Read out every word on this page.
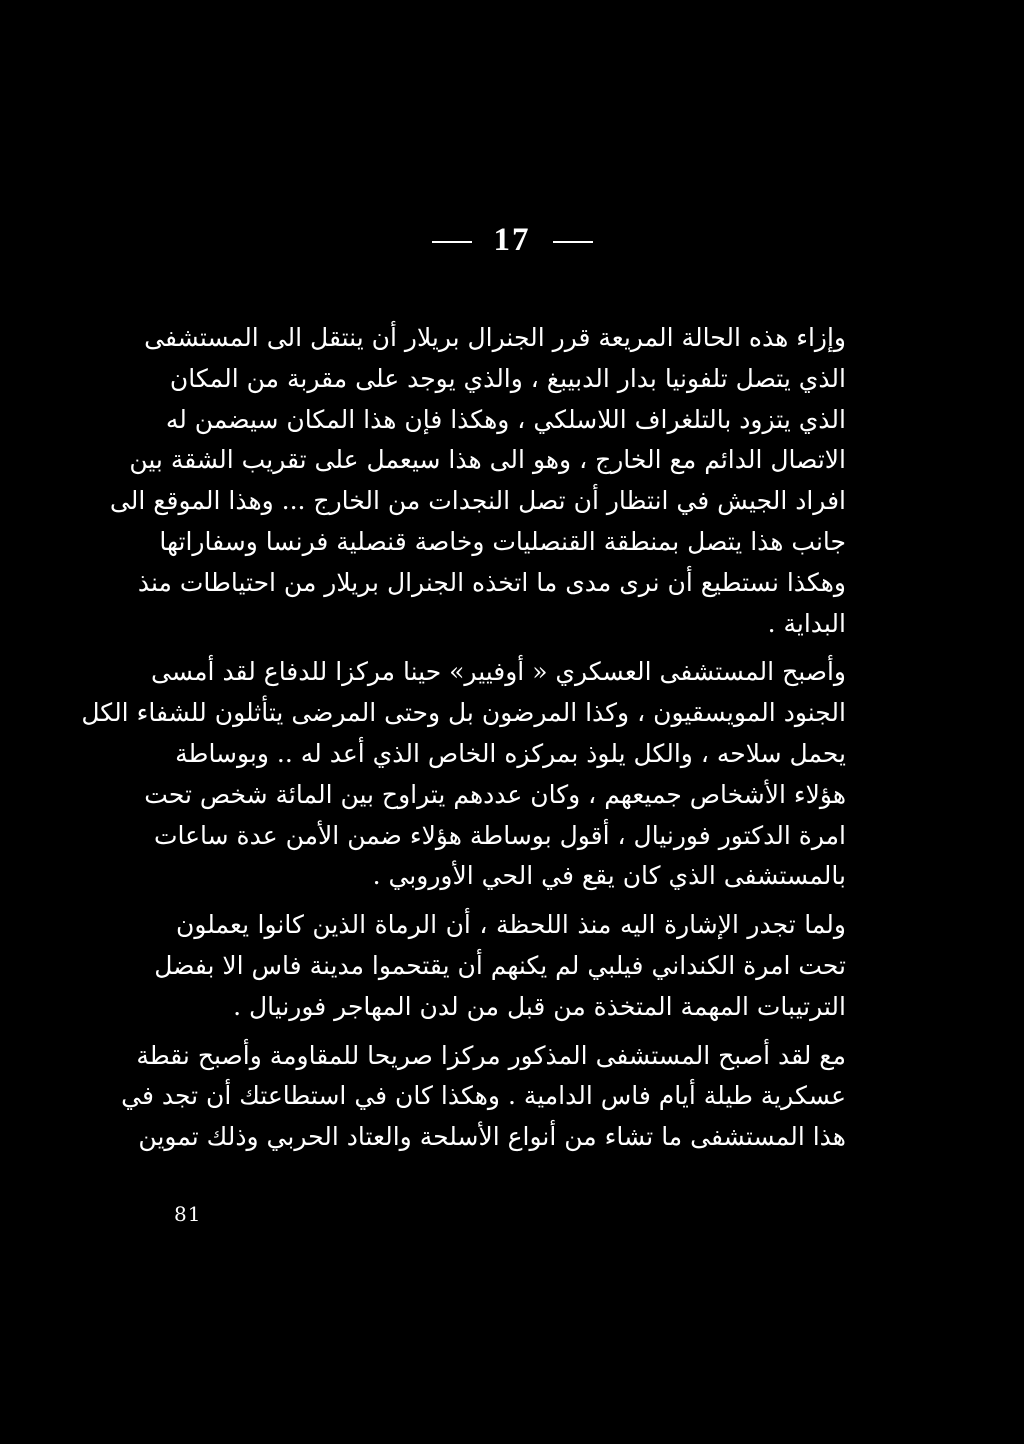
17
وإزاء هذه الحالة المريعة قرر الجنرال بريلار أن ينتقل الى المستشفى
الذي يتصل تلفونيا بدار الدبيبغ ، والذي يوجد على مقربة من المكان
الذي يتزود بالتلغراف اللاسلكي ، وهكذا فإن هذا المكان سيضمن له
الاتصال الدائم مع الخارج ، وهو الى هذا سيعمل على تقريب الشقة بين
افراد الجيش في انتظار أن تصل النجدات من الخارج ... وهذا الموقع الى
جانب هذا يتصل بمنطقة القنصليات وخاصة قنصلية فرنسا وسفاراتها
وهكذا نستطيع أن نرى مدى ما اتخذه الجنرال بريلار من احتياطات منذ
البداية .
وأصبح المستشفى العسكري « أوفيير» حينا مركزا للدفاع لقد أمسى
الجنود المويسقيون ، وكذا المرضون بل وحتى المرضى يتأثلون للشفاء الكل
يحمل سلاحه ، والكل يلوذ بمركزه الخاص الذي أعد له .. وبوساطة
هؤلاء الأشخاص جميعهم ، وكان عددهم يتراوح بين المائة شخص تحت
امرة الدكتور فورنيال ، أقول بوساطة هؤلاء ضمن الأمن عدة ساعات
بالمستشفى الذي كان يقع في الحي الأوروبي .
ولما تجدر الإشارة اليه منذ اللحظة ، أن الرماة الذين كانوا يعملون
تحت امرة الكنداني فيلبي لم يكنهم أن يقتحموا مدينة فاس الا بفضل
الترتيبات المهمة المتخذة من قبل من لدن المهاجر فورنيال .
مع لقد أصبح المستشفى المذكور مركزا صريحا للمقاومة وأصبح نقطة
عسكرية طيلة أيام فاس الدامية . وهكذا كان في استطاعتك أن تجد في
هذا المستشفى ما تشاء من أنواع الأسلحة والعتاد الحربي وذلك تموين
81
